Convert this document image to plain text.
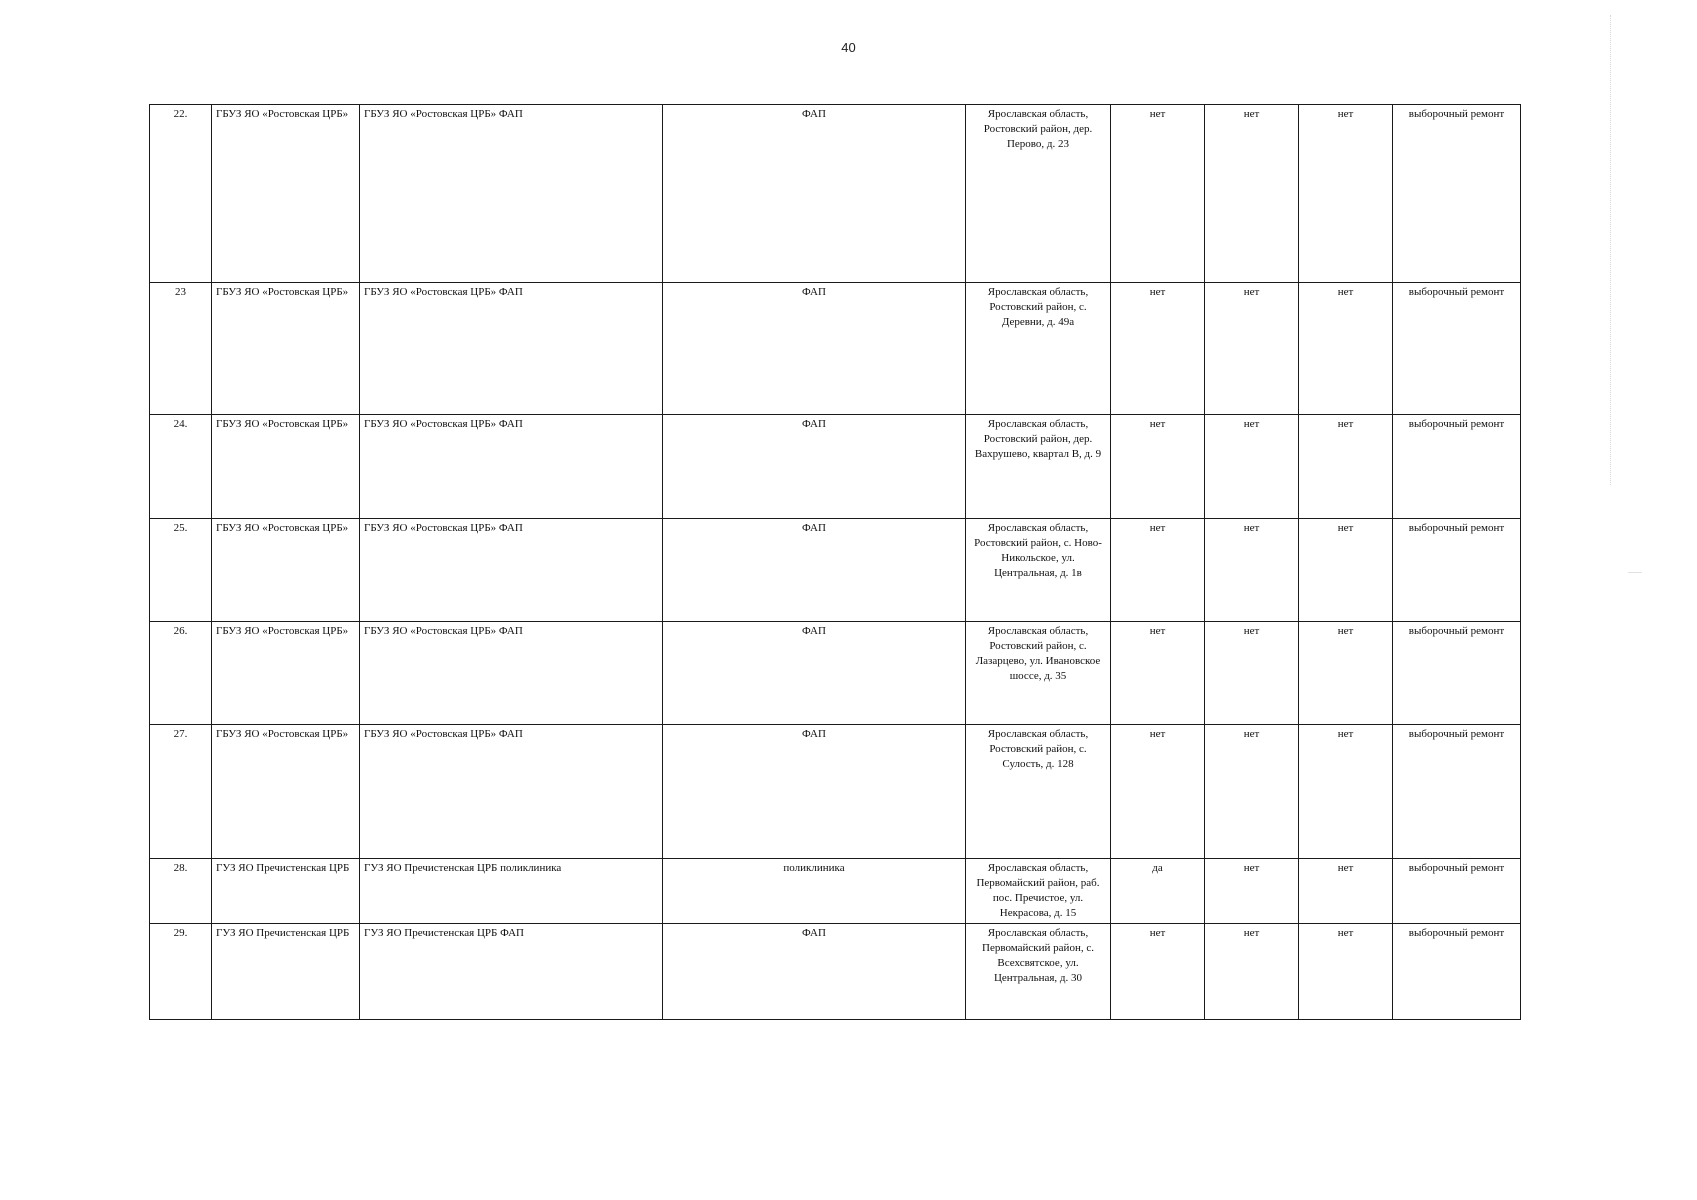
40
22.	ГБУЗ ЯО «Ростовская ЦРБ»	ГБУЗ ЯО «Ростовская ЦРБ» ФАП	ФАП	Ярославская область, Ростовский район, дер. Перово, д. 23	нет	нет	нет	выборочный ремонт
23	ГБУЗ ЯО «Ростовская ЦРБ»	ГБУЗ ЯО «Ростовская ЦРБ» ФАП	ФАП	Ярославская область, Ростовский район, с. Деревни, д. 49а	нет	нет	нет	выборочный ремонт
24.	ГБУЗ ЯО «Ростовская ЦРБ»	ГБУЗ ЯО «Ростовская ЦРБ» ФАП	ФАП	Ярославская область, Ростовский район, дер. Вахрушево, квартал В, д. 9	нет	нет	нет	выборочный ремонт
25.	ГБУЗ ЯО «Ростовская ЦРБ»	ГБУЗ ЯО «Ростовская ЦРБ» ФАП	ФАП	Ярославская область, Ростовский район, с. Ново-Никольское, ул. Центральная, д. 1в	нет	нет	нет	выборочный ремонт
26.	ГБУЗ ЯО «Ростовская ЦРБ»	ГБУЗ ЯО «Ростовская ЦРБ» ФАП	ФАП	Ярославская область, Ростовский район, с. Лазарцево, ул. Ивановское шоссе, д. 35	нет	нет	нет	выборочный ремонт
27.	ГБУЗ ЯО «Ростовская ЦРБ»	ГБУЗ ЯО «Ростовская ЦРБ» ФАП	ФАП	Ярославская область, Ростовский район, с. Сулость, д. 128	нет	нет	нет	выборочный ремонт
28.	ГУЗ ЯО Пречистенская ЦРБ	ГУЗ ЯО Пречистенская ЦРБ поликлиника	поликлиника	Ярославская область, Первомайский район, раб. пос. Пречистое, ул. Некрасова, д. 15	да	нет	нет	выборочный ремонт
29.	ГУЗ ЯО Пречистенская ЦРБ	ГУЗ ЯО Пречистенская ЦРБ ФАП	ФАП	Ярославская область, Первомайский район, с. Всехсвятское, ул. Центральная, д. 30	нет	нет	нет	выборочный ремонт
